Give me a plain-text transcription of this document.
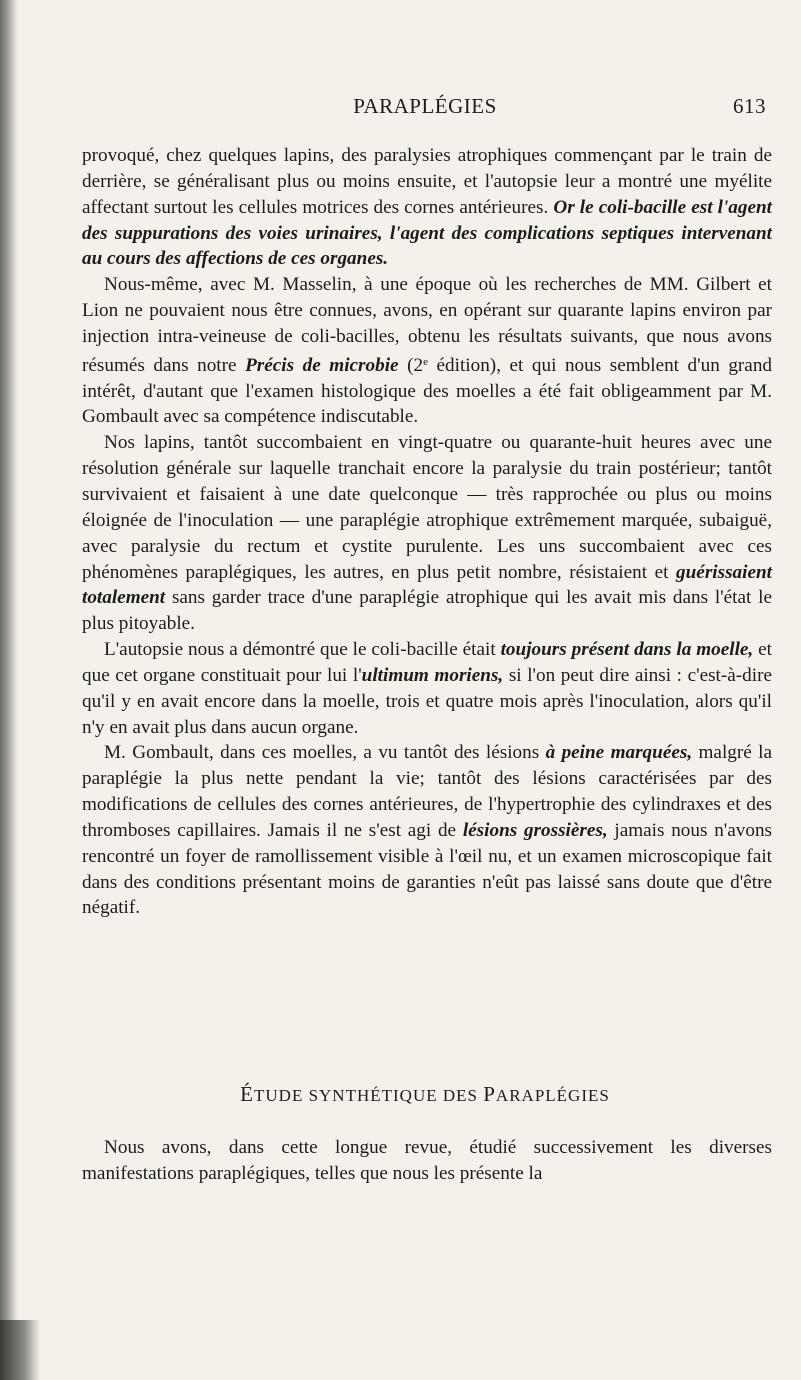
PARAPLÉGIES	613

provoqué, chez quelques lapins, des paralysies atrophiques commençant par le train de derrière, se généralisant plus ou moins ensuite, et l'autopsie leur a montré une myélite affectant surtout les cellules motrices des cornes antérieures. Or le coli-bacille est l'agent des suppurations des voies urinaires, l'agent des complications septiques intervenant au cours des affections de ces organes.

Nous-même, avec M. Masselin, à une époque où les recherches de MM. Gilbert et Lion ne pouvaient nous être connues, avons, en opérant sur quarante lapins environ par injection intra-veineuse de coli-bacilles, obtenu les résultats suivants, que nous avons résumés dans notre Précis de microbie (2e édition), et qui nous semblent d'un grand intérêt, d'autant que l'examen histologique des moelles a été fait obligeamment par M. Gombault avec sa compétence indiscutable.

Nos lapins, tantôt succombaient en vingt-quatre ou quarante-huit heures avec une résolution générale sur laquelle tranchait encore la paralysie du train postérieur; tantôt survivaient et faisaient à une date quelconque — très rapprochée ou plus ou moins éloignée de l'inoculation — une paraplégie atrophique extrêmement marquée, subaiguë, avec paralysie du rectum et cystite purulente. Les uns succombaient avec ces phénomènes paraplégiques, les autres, en plus petit nombre, résistaient et guérissaient totalement sans garder trace d'une paraplégie atrophique qui les avait mis dans l'état le plus pitoyable.

L'autopsie nous a démontré que le coli-bacille était toujours présent dans la moelle, et que cet organe constituait pour lui l'ultimum moriens, si l'on peut dire ainsi : c'est-à-dire qu'il y en avait encore dans la moelle, trois et quatre mois après l'inoculation, alors qu'il n'y en avait plus dans aucun organe.

M. Gombault, dans ces moelles, a vu tantôt des lésions à peine marquées, malgré la paraplégie la plus nette pendant la vie; tantôt des lésions caractérisées par des modifications de cellules des cornes antérieures, de l'hypertrophie des cylindraxes et des thromboses capillaires. Jamais il ne s'est agi de lésions grossières, jamais nous n'avons rencontré un foyer de ramollissement visible à l'œil nu, et un examen microscopique fait dans des conditions présentant moins de garanties n'eût pas laissé sans doute que d'être négatif.

ÉTUDE SYNTHÉTIQUE DES PARAPLÉGIES

Nous avons, dans cette longue revue, étudié successivement les diverses manifestations paraplégiques, telles que nous les présente la
